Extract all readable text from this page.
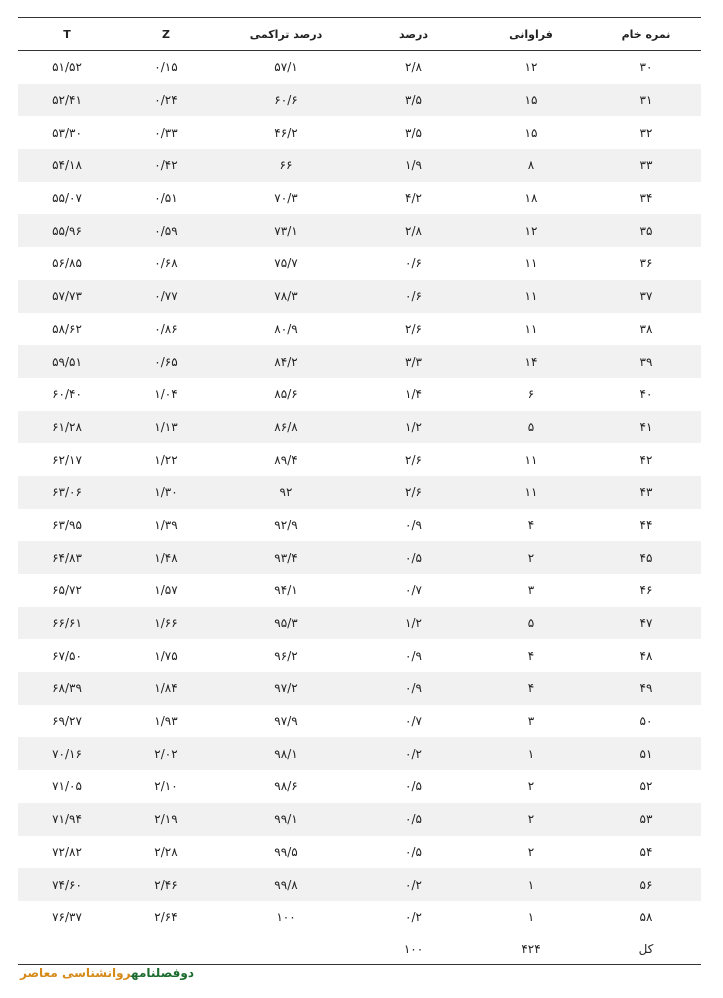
نمره خام	فراوانی	درصد	درصد تراکمی	Z	T
۳۰	۱۲	۲/۸	۵۷/۱	۰/۱۵	۵۱/۵۲
۳۱	۱۵	۳/۵	۶۰/۶	۰/۲۴	۵۲/۴۱
۳۲	۱۵	۳/۵	۴۶/۲	۰/۳۳	۵۳/۳۰
۳۳	۸	۱/۹	۶۶	۰/۴۲	۵۴/۱۸
۳۴	۱۸	۴/۲	۷۰/۳	۰/۵۱	۵۵/۰۷
۳۵	۱۲	۲/۸	۷۳/۱	۰/۵۹	۵۵/۹۶
۳۶	۱۱	۰/۶	۷۵/۷	۰/۶۸	۵۶/۸۵
۳۷	۱۱	۰/۶	۷۸/۳	۰/۷۷	۵۷/۷۳
۳۸	۱۱	۲/۶	۸۰/۹	۰/۸۶	۵۸/۶۲
۳۹	۱۴	۳/۳	۸۴/۲	۰/۶۵	۵۹/۵۱
۴۰	۶	۱/۴	۸۵/۶	۱/۰۴	۶۰/۴۰
۴۱	۵	۱/۲	۸۶/۸	۱/۱۳	۶۱/۲۸
۴۲	۱۱	۲/۶	۸۹/۴	۱/۲۲	۶۲/۱۷
۴۳	۱۱	۲/۶	۹۲	۱/۳۰	۶۳/۰۶
۴۴	۴	۰/۹	۹۲/۹	۱/۳۹	۶۳/۹۵
۴۵	۲	۰/۵	۹۳/۴	۱/۴۸	۶۴/۸۳
۴۶	۳	۰/۷	۹۴/۱	۱/۵۷	۶۵/۷۲
۴۷	۵	۱/۲	۹۵/۳	۱/۶۶	۶۶/۶۱
۴۸	۴	۰/۹	۹۶/۲	۱/۷۵	۶۷/۵۰
۴۹	۴	۰/۹	۹۷/۲	۱/۸۴	۶۸/۳۹
۵۰	۳	۰/۷	۹۷/۹	۱/۹۳	۶۹/۲۷
۵۱	۱	۰/۲	۹۸/۱	۲/۰۲	۷۰/۱۶
۵۲	۲	۰/۵	۹۸/۶	۲/۱۰	۷۱/۰۵
۵۳	۲	۰/۵	۹۹/۱	۲/۱۹	۷۱/۹۴
۵۴	۲	۰/۵	۹۹/۵	۲/۲۸	۷۲/۸۲
۵۶	۱	۰/۲	۹۹/۸	۲/۴۶	۷۴/۶۰
۵۸	۱	۰/۲	۱۰۰	۲/۶۴	۷۶/۳۷
کل	۴۲۴	۱۰۰			
دوفصلنامهروانشناسی معاصر
